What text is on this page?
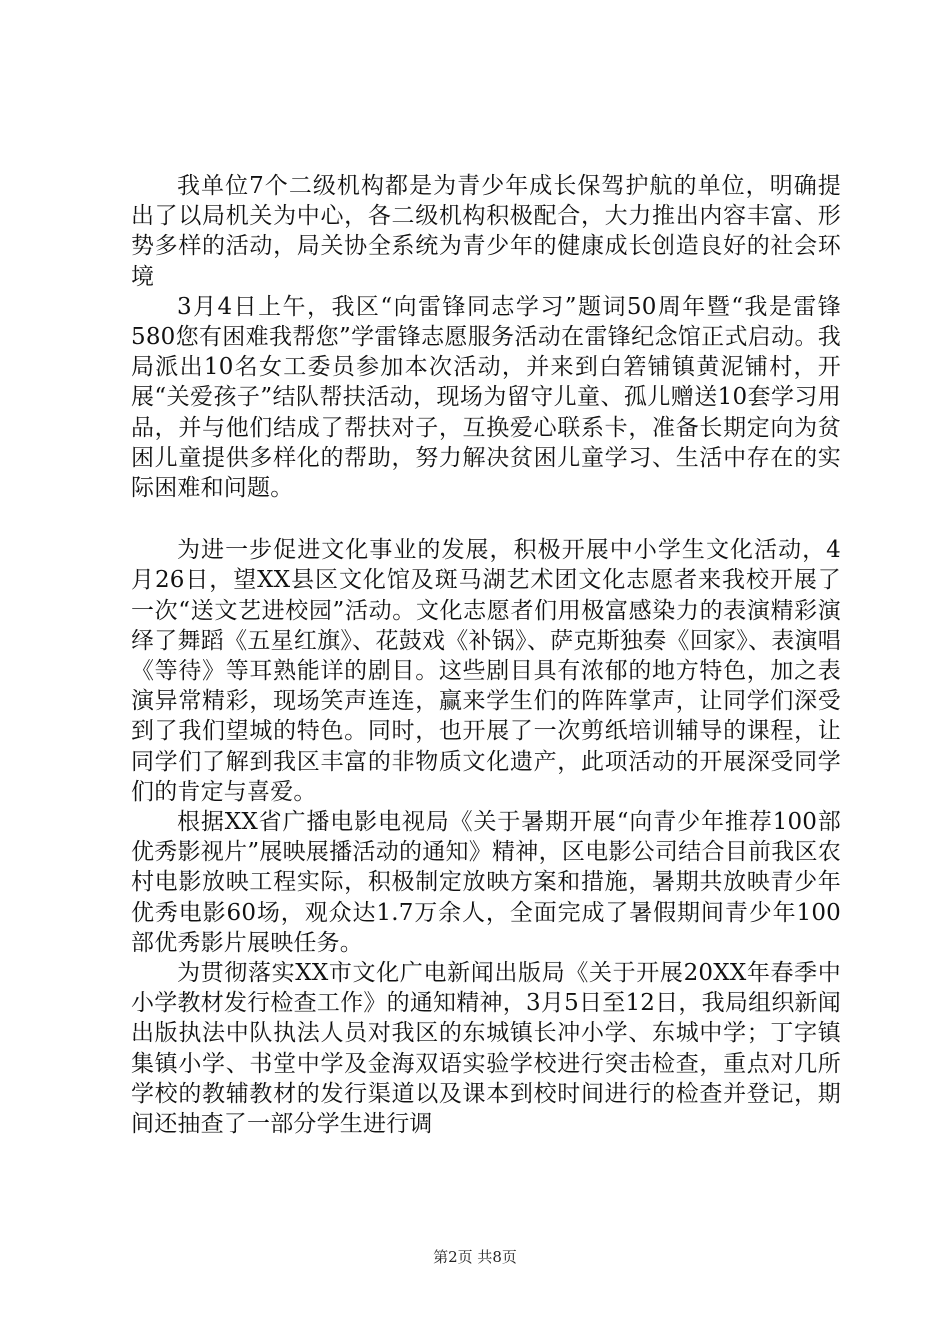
我单位7个二级机构都是为青少年成长保驾护航的单位，明确提出了以局机关为中心，各二级机构积极配合，大力推出内容丰富、形势多样的活动，局关协全系统为青少年的健康成长创造良好的社会环境

3月4日上午，我区“向雷锋同志学习”题词50周年暨“我是雷锋580您有困难我帮您”学雷锋志愿服务活动在雷锋纪念馆正式启动。我局派出10名女工委员参加本次活动，并来到白箬铺镇黄泥铺村，开展“关爱孩子”结队帮扶活动，现场为留守儿童、孤儿赠送10套学习用品，并与他们结成了帮扶对子，互换爱心联系卡，准备长期定向为贫困儿童提供多样化的帮助，努力解决贫困儿童学习、生活中存在的实际困难和问题。

为进一步促进文化事业的发展，积极开展中小学生文化活动，4月26日，望XX县区文化馆及斑马湖艺术团文化志愿者来我校开展了一次“送文艺进校园”活动。文化志愿者们用极富感染力的表演精彩演绎了舞蹈《五星红旗》、花鼓戏《补锅》、萨克斯独奏《回家》、表演唱《等待》等耳熟能详的剧目。这些剧目具有浓郁的地方特色，加之表演异常精彩，现场笑声连连，赢来学生们的阵阵掌声，让同学们深受到了我们望城的特色。同时，也开展了一次剪纸培训辅导的课程，让同学们了解到我区丰富的非物质文化遗产，此项活动的开展深受同学们的肯定与喜爱。

根据XX省广播电影电视局《关于暑期开展“向青少年推荐100部优秀影视片”展映展播活动的通知》精神，区电影公司结合目前我区农村电影放映工程实际，积极制定放映方案和措施，暑期共放映青少年优秀电影60场，观众达1.7万余人，全面完成了暑假期间青少年100部优秀影片展映任务。

为贯彻落实XX市文化广电新闻出版局《关于开展20XX年春季中小学教材发行检查工作》的通知精神，3月5日至12日，我局组织新闻出版执法中队执法人员对我区的东城镇长冲小学、东城中学；丁字镇集镇小学、书堂中学及金海双语实验学校进行突击检查，重点对几所学校的教辅教材的发行渠道以及课本到校时间进行的检查并登记，期间还抽查了一部分学生进行调

第2页 共8页
